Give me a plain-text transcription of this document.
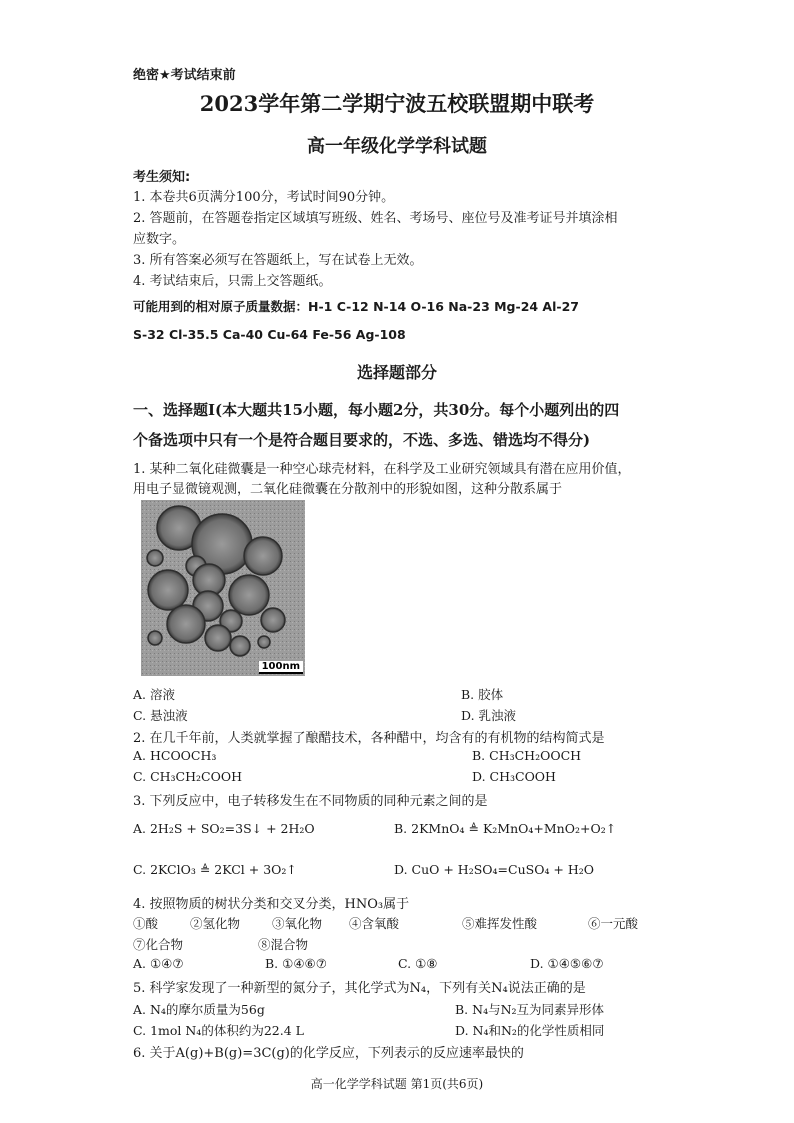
绝密★考试结束前
2023学年第二学期宁波五校联盟期中联考
高一年级化学学科试题
考生须知:
1. 本卷共6页满分100分，考试时间90分钟。
2. 答题前，在答题卷指定区域填写班级、姓名、考场号、座位号及准考证号并填涂相
应数字。
3. 所有答案必须写在答题纸上，写在试卷上无效。
4. 考试结束后，只需上交答题纸。
可能用到的相对原子质量数据：H-1 C-12 N-14 O-16 Na-23 Mg-24 Al-27
S-32 Cl-35.5 Ca-40 Cu-64 Fe-56 Ag-108
选择题部分
一、选择题Ⅰ(本大题共15小题，每小题2分，共30分。每个小题列出的四
个备选项中只有一个是符合题目要求的，不选、多选、错选均不得分)
1. 某种二氧化硅微囊是一种空心球壳材料，在科学及工业研究领域具有潜在应用价值，
用电子显微镜观测，二氧化硅微囊在分散剂中的形貌如图，这种分散系属于
100nm
A. 溶液	B. 胶体
C. 悬浊液	D. 乳浊液
2. 在几千年前，人类就掌握了酿醋技术，各种醋中，均含有的有机物的结构简式是
A. HCOOCH₃	B. CH₃CH₂OOCH
C. CH₃CH₂COOH	D. CH₃COOH
3. 下列反应中，电子转移发生在不同物质的同种元素之间的是
A. 2H₂S + SO₂=3S↓ + 2H₂O	B. 2KMnO₄ ≜ K₂MnO₄+MnO₂+O₂↑
C. 2KClO₃ ≜ 2KCl + 3O₂↑	D. CuO + H₂SO₄=CuSO₄ + H₂O
4. 按照物质的树状分类和交叉分类，HNO₃属于
①酸	②氢化物	③氧化物 ④含氧酸	⑤难挥发性酸	⑥一元酸
⑦化合物	⑧混合物
A. ①④⑦	B. ①④⑥⑦	C. ①⑧	D. ①④⑤⑥⑦
5. 科学家发现了一种新型的氮分子，其化学式为N₄，下列有关N₄说法正确的是
A. N₄的摩尔质量为56g	B. N₄与N₂互为同素异形体
C. 1mol N₄的体积约为22.4 L	D. N₄和N₂的化学性质相同
6. 关于A(g)+B(g)=3C(g)的化学反应，下列表示的反应速率最快的
高一化学学科试题 第1页(共6页)
